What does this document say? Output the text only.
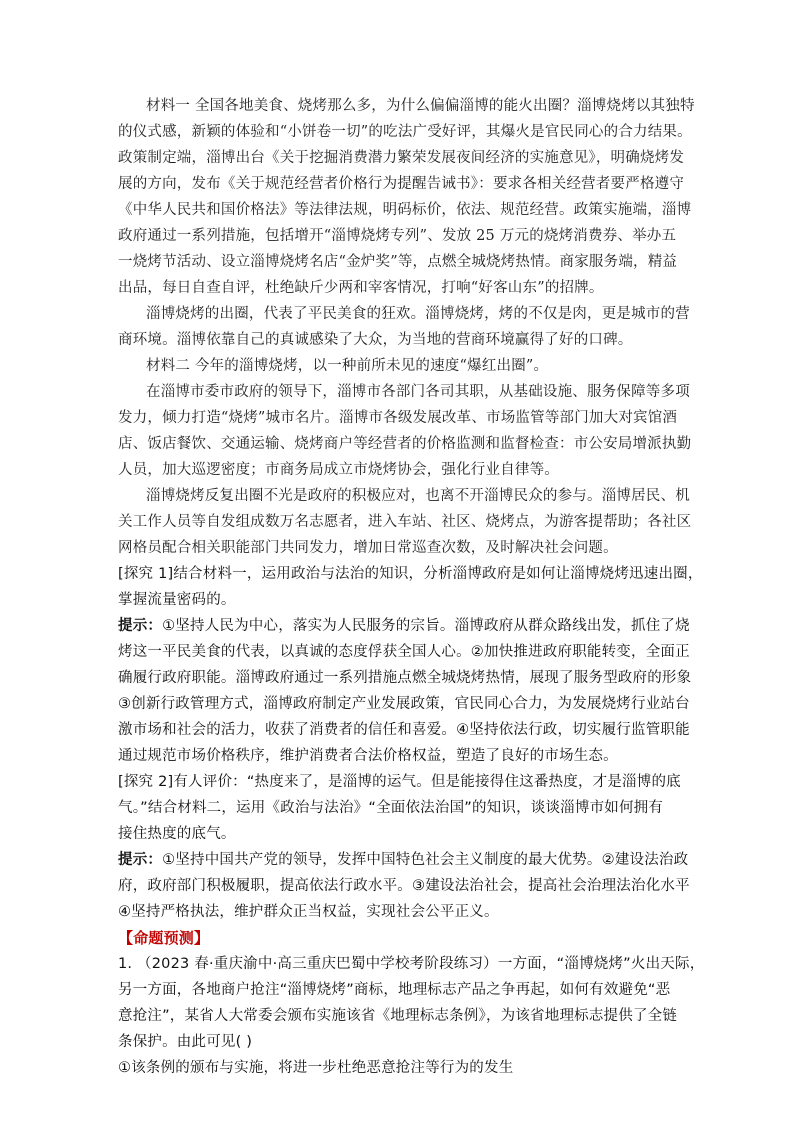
材料一 全国各地美食、烧烤那么多，为什么偏偏淄博的能火出圈？淄博烧烤以其独特
的仪式感，新颖的体验和“小饼卷一切”的吃法广受好评，其爆火是官民同心的合力结果。
政策制定端，淄博出台《关于挖掘消费潜力繁荣发展夜间经济的实施意见》，明确烧烤发
展的方向，发布《关于规范经营者价格行为提醒告诫书》：要求各相关经营者要严格遵守
《中华人民共和国价格法》等法律法规，明码标价，依法、规范经营。政策实施端，淄博
政府通过一系列措施，包括增开“淄博烧烤专列”、发放 25 万元的烧烤消费券、举办五
一烧烤节活动、设立淄博烧烤名店“金炉奖”等，点燃全城烧烤热情。商家服务端，精益
出品，每日自查自评，杜绝缺斤少两和宰客情况，打响“好客山东”的招牌。
淄博烧烤的出圈，代表了平民美食的狂欢。淄博烧烤，烤的不仅是肉，更是城市的营
商环境。淄博依靠自己的真诚感染了大众，为当地的营商环境赢得了好的口碑。
材料二 今年的淄博烧烤，以一种前所未见的速度“爆红出圈”。
在淄博市委市政府的领导下，淄博市各部门各司其职，从基础设施、服务保障等多项
发力，倾力打造“烧烤”城市名片。淄博市各级发展改革、市场监管等部门加大对宾馆酒
店、饭店餐饮、交通运输、烧烤商户等经营者的价格监测和监督检查：市公安局增派执勤
人员，加大巡逻密度；市商务局成立市烧烤协会，强化行业自律等。
淄博烧烤反复出圈不光是政府的积极应对，也离不开淄博民众的参与。淄博居民、机
关工作人员等自发组成数万名志愿者，进入车站、社区、烧烤点，为游客提帮助；各社区
网格员配合相关职能部门共同发力，增加日常巡查次数，及时解决社会问题。
[探究 1]结合材料一，运用政治与法治的知识，分析淄博政府是如何让淄博烧烤迅速出圈，
掌握流量密码的。
提示：①坚持人民为中心，落实为人民服务的宗旨。淄博政府从群众路线出发，抓住了烧
烤这一平民美食的代表，以真诚的态度俘获全国人心。②加快推进政府职能转变，全面正
确履行政府职能。淄博政府通过一系列措施点燃全城烧烤热情，展现了服务型政府的形象
③创新行政管理方式，淄博政府制定产业发展政策，官民同心合力，为发展烧烤行业站台
激市场和社会的活力，收获了消费者的信任和喜爱。④坚持依法行政，切实履行监管职能
通过规范市场价格秩序，维护消费者合法价格权益，塑造了良好的市场生态。
[探究 2]有人评价：“热度来了，是淄博的运气。但是能接得住这番热度，才是淄博的底
气。”结合材料二，运用《政治与法治》“全面依法治国”的知识，谈谈淄博市如何拥有
接住热度的底气。
提示：①坚持中国共产党的领导，发挥中国特色社会主义制度的最大优势。②建设法治政
府，政府部门积极履职，提高依法行政水平。③建设法治社会，提高社会治理法治化水平
④坚持严格执法，维护群众正当权益，实现社会公平正义。
【命题预测】
1. （2023 春·重庆渝中·高三重庆巴蜀中学校考阶段练习）一方面，“淄博烧烤”火出天际，
另一方面，各地商户抢注“淄博烧烤”商标，地理标志产品之争再起，如何有效避免“恶
意抢注”，某省人大常委会颁布实施该省《地理标志条例》，为该省地理标志提供了全链
条保护。由此可见( )
①该条例的颁布与实施，将进一步杜绝恶意抢注等行为的发生
